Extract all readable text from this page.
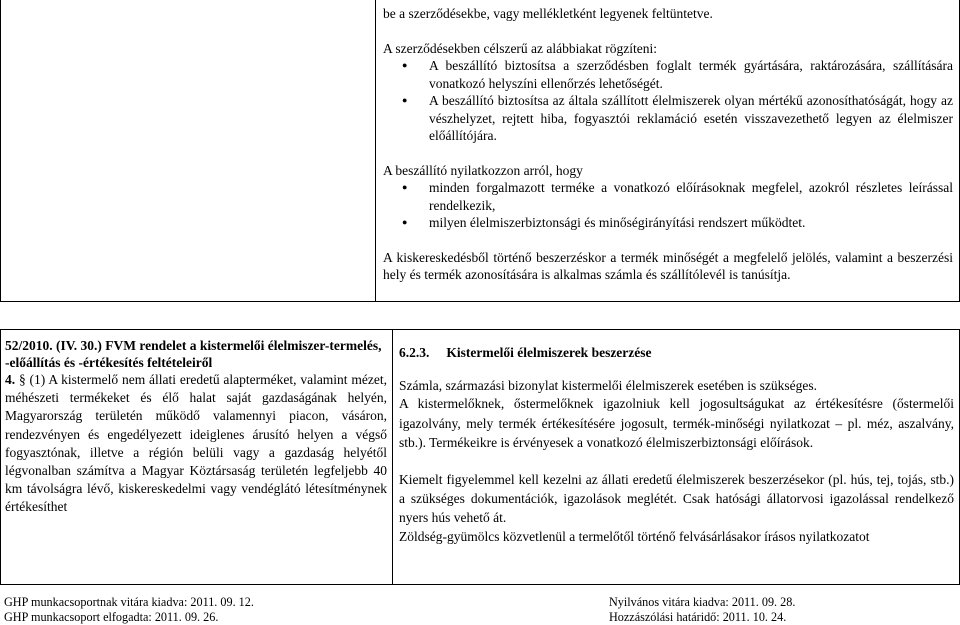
be a szerződésekbe, vagy mellékletként legyenek feltüntetve.

A szerződésekben célszerű az alábbiakat rögzíteni:

● A beszállító biztosítsa a szerződésben foglalt termék gyártására, raktározására, szállítására vonatkozó helyszíni ellenőrzés lehetőségét.
● A beszállító biztosítsa az általa szállított élelmiszerek olyan mértékű azonosíthatóságát, hogy az vészhelyzet, rejtett hiba, fogyasztói reklamáció esetén visszavezethető legyen az élelmiszer előállítójára.

A beszállító nyilatkozzon arról, hogy

● minden forgalmazott terméke a vonatkozó előírásoknak megfelel, azokról részletes leírással rendelkezik,
● milyen élelmiszerbiztonsági és minőségirányítási rendszert működtet.

A kiskereskedésből történő beszerzéskor a termék minőségét a megfelelő jelölés, valamint a beszerzési hely és termék azonosítására is alkalmas számla és szállítólevél is tanúsítja.

52/2010. (IV. 30.) FVM rendelet a kistermelői élelmiszer-termelés, -előállítás és -értékesítés feltételeiről

4. § (1) A kistermelő nem állati eredetű alapterméket, valamint mézet, méhészeti termékeket és élő halat saját gazdaságának helyén, Magyarország területén működő valamennyi piacon, vásáron, rendezvényen és engedélyezett ideiglenes árusító helyen a végső fogyasztónak, illetve a régión belüli vagy a gazdaság helyétől légvonalban számítva a Magyar Köztársaság területén legfeljebb 40 km távolságra lévő, kiskereskedelmi vagy vendéglátó létesítménynek értékesíthet

6.2.3. Kistermelői élelmiszerek beszerzése

Számla, származási bizonylat kistermelői élelmiszerek esetében is szükséges.

A kistermelőknek, őstermelőknek igazolniuk kell jogosultságukat az értékesítésre (őstermelői igazolvány, mely termék értékesítésére jogosult, termék-minőségi nyilatkozat – pl. méz, aszalvány, stb.). Termékeikre is érvényesek a vonatkozó élelmiszerbiztonsági előírások.

Kiemelt figyelemmel kell kezelni az állati eredetű élelmiszerek beszerzésekor (pl. hús, tej, tojás, stb.) a szükséges dokumentációk, igazolások meglétét. Csak hatósági állatorvosi igazolással rendelkező nyers hús vehető át.

Zöldség-gyümölcs közvetlenül a termelőtől történő felvásárlásakor írásos nyilatkozatot

GHP munkacsoportnak vitára kiadva: 2011. 09. 12.
GHP munkacsoport elfogadta: 2011. 09. 26.
Nyilvános vitára kiadva: 2011. 09. 28.
Hozzászólási határidő: 2011. 10. 24.
